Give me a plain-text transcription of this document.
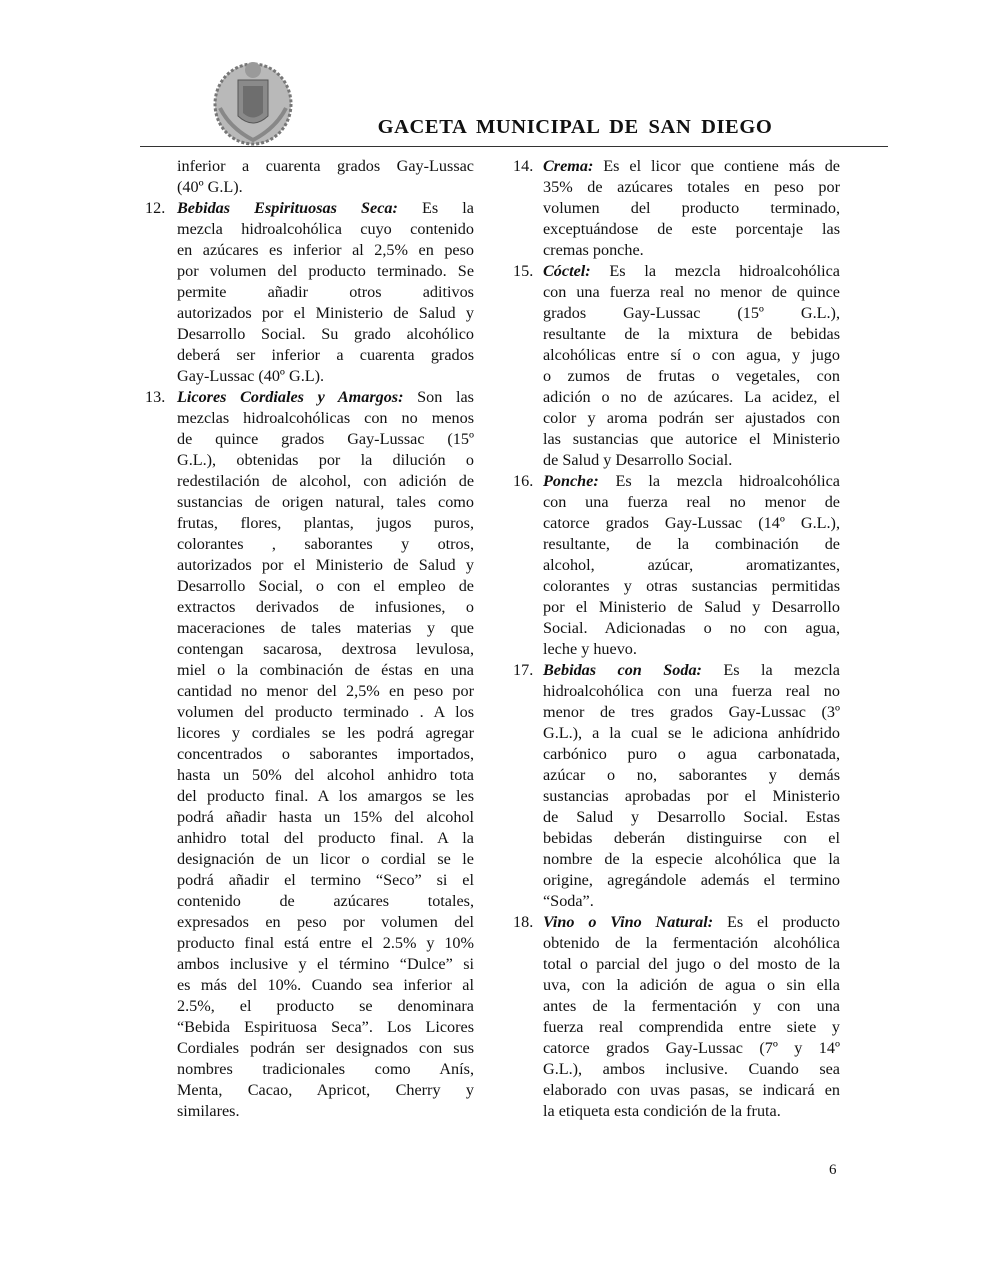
GACETA MUNICIPAL DE SAN DIEGO
inferior a cuarenta grados Gay-Lussac
(40º G.L).
12. Bebidas Espirituosas Seca: Es la
mezcla hidroalcohólica cuyo contenido
en azúcares es inferior al 2,5% en peso
por volumen del producto terminado. Se
permite añadir otros aditivos
autorizados por el Ministerio de Salud y
Desarrollo Social. Su grado alcohólico
deberá ser inferior a cuarenta grados
Gay-Lussac (40º G.L).
13. Licores Cordiales y Amargos: Son las
mezclas hidroalcohólicas con no menos
de quince grados Gay-Lussac (15º
G.L.), obtenidas por la dilución o
redestilación de alcohol, con adición de
sustancias de origen natural, tales como
frutas, flores, plantas, jugos puros,
colorantes , saborantes y otros,
autorizados por el Ministerio de Salud y
Desarrollo Social, o con el empleo de
extractos derivados de infusiones, o
maceraciones de tales materias y que
contengan sacarosa, dextrosa levulosa,
miel o la combinación de éstas en una
cantidad no menor del 2,5% en peso por
volumen del producto terminado . A los
licores y cordiales se les podrá agregar
concentrados o saborantes importados,
hasta un 50% del alcohol anhidro tota
del producto final. A los amargos se les
podrá añadir hasta un 15% del alcohol
anhidro total del producto final. A la
designación de un licor o cordial se le
podrá añadir el termino “Seco” si el
contenido de azúcares totales,
expresados en peso por volumen del
producto final está entre el 2.5% y 10%
ambos inclusive y el término “Dulce” si
es más del 10%. Cuando sea inferior al
2.5%, el producto se denominara
“Bebida Espirituosa Seca”. Los Licores
Cordiales podrán ser designados con sus
nombres tradicionales como Anís,
Menta, Cacao, Apricot, Cherry y
similares.
14. Crema: Es el licor que contiene más de
35% de azúcares totales en peso por
volumen del producto terminado,
exceptuándose de este porcentaje las
cremas ponche.
15. Cóctel: Es la mezcla hidroalcohólica
con una fuerza real no menor de quince
grados Gay-Lussac (15º G.L.),
resultante de la mixtura de bebidas
alcohólicas entre sí o con agua, y jugo
o zumos de frutas o vegetales, con
adición o no de azúcares. La acidez, el
color y aroma podrán ser ajustados con
las sustancias que autorice el Ministerio
de Salud y Desarrollo Social.
16. Ponche: Es la mezcla hidroalcohólica
con una fuerza real no menor de
catorce grados Gay-Lussac (14º G.L.),
resultante, de la combinación de
alcohol, azúcar, aromatizantes,
colorantes y otras sustancias permitidas
por el Ministerio de Salud y Desarrollo
Social. Adicionadas o no con agua,
leche y huevo.
17. Bebidas con Soda: Es la mezcla
hidroalcohólica con una fuerza real no
menor de tres grados Gay-Lussac (3º
G.L.), a la cual se le adiciona anhídrido
carbónico puro o agua carbonatada,
azúcar o no, saborantes y demás
sustancias aprobadas por el Ministerio
de Salud y Desarrollo Social. Estas
bebidas deberán distinguirse con el
nombre de la especie alcohólica que la
origine, agregándole además el termino
“Soda”.
18. Vino o Vino Natural: Es el producto
obtenido de la fermentación alcohólica
total o parcial del jugo o del mosto de la
uva, con la adición de agua o sin ella
antes de la fermentación y con una
fuerza real comprendida entre siete y
catorce grados Gay-Lussac (7º y 14º
G.L.), ambos inclusive. Cuando sea
elaborado con uvas pasas, se indicará en
la etiqueta esta condición de la fruta.
6
